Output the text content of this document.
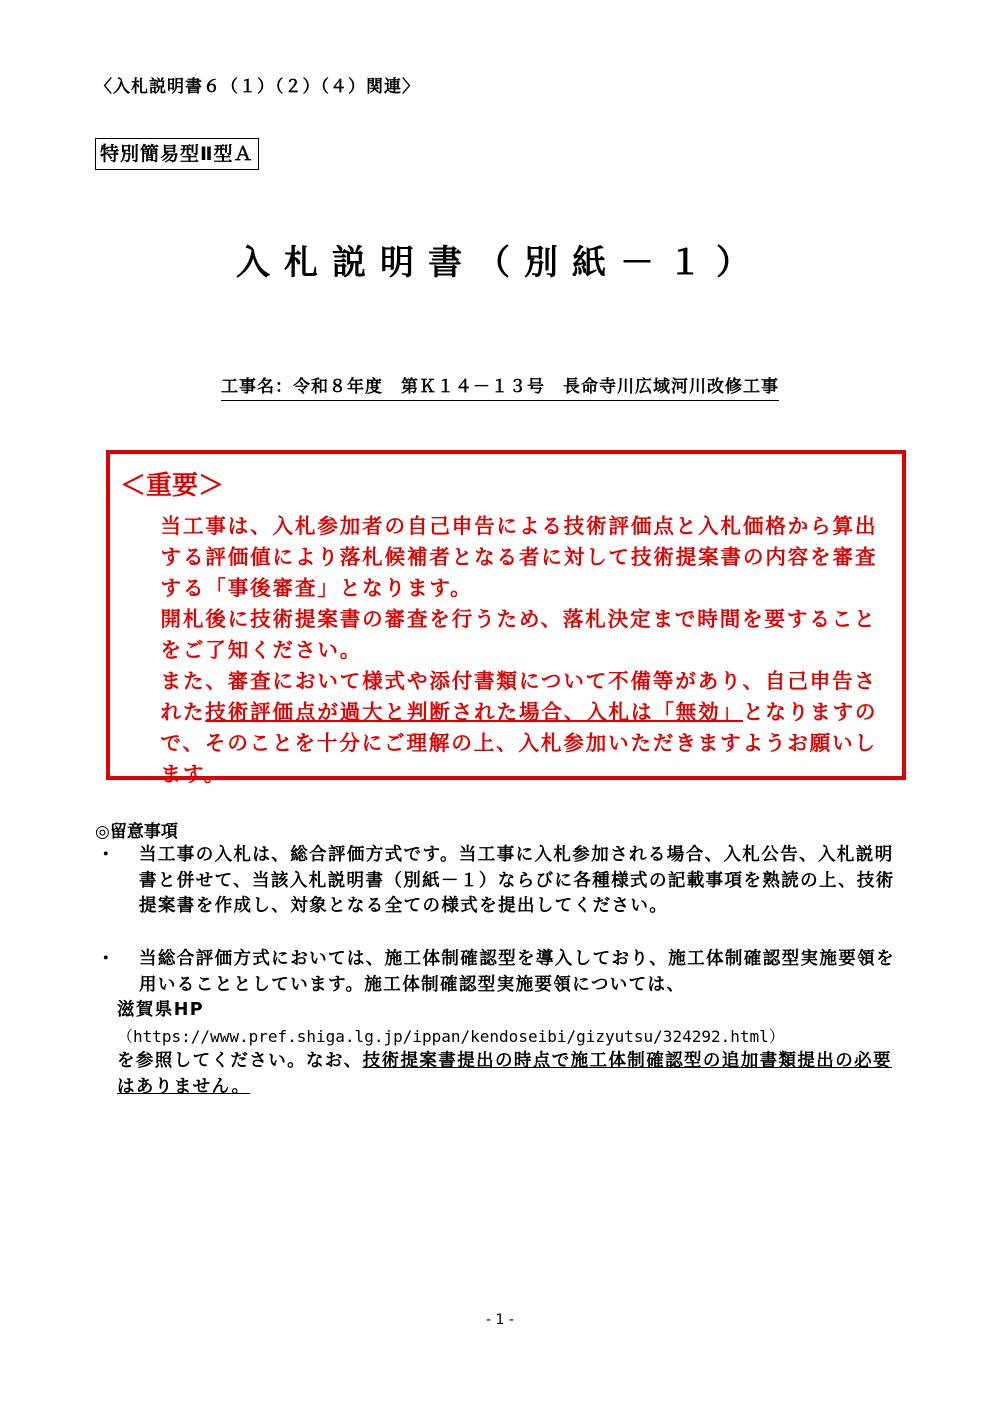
〈入札説明書６（１）（２）（４）関連〉
特別簡易型Ⅱ型Ａ
入札説明書（別紙－１）
工事名：令和８年度　第Ｋ１４－１３号　長命寺川広域河川改修工事
＜重要＞
当工事は、入札参加者の自己申告による技術評価点と入札価格から算出する評価値により落札候補者となる者に対して技術提案書の内容を審査する「事後審査」となります。
開札後に技術提案書の審査を行うため、落札決定まで時間を要することをご了知ください。
また、審査において様式や添付書類について不備等があり、自己申告された技術評価点が過大と判断された場合、入札は「無効」となりますので、そのことを十分にご理解の上、入札参加いただきますようお願いします。
◎留意事項
・	当工事の入札は、総合評価方式です。当工事に入札参加される場合、入札公告、入札説明書と併せて、当該入札説明書（別紙－１）ならびに各種様式の記載事項を熟読の上、技術提案書を作成し、対象となる全ての様式を提出してください。
・	当総合評価方式においては、施工体制確認型を導入しており、施工体制確認型実施要領を用いることとしています。施工体制確認型実施要領については、
滋賀県HP
（https://www.pref.shiga.lg.jp/ippan/kendoseibi/gizyutsu/324292.html）
を参照してください。なお、技術提案書提出の時点で施工体制確認型の追加書類提出の必要はありません。
- 1 -
